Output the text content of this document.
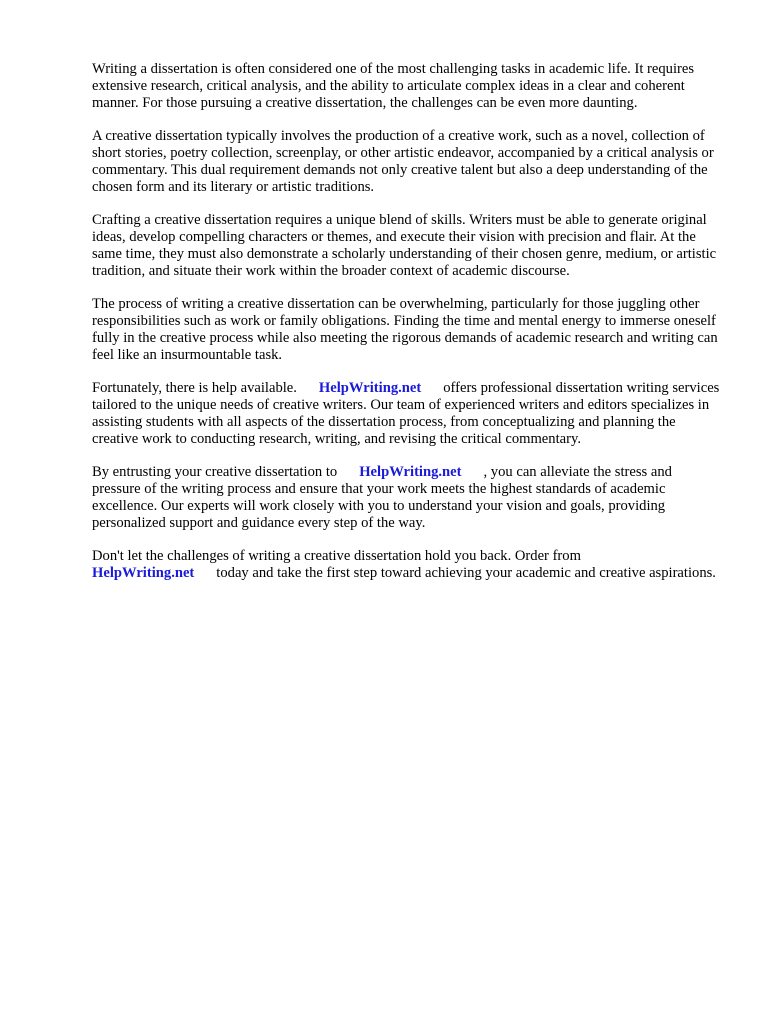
Writing a dissertation is often considered one of the most challenging tasks in academic life. It requires extensive research, critical analysis, and the ability to articulate complex ideas in a clear and coherent manner. For those pursuing a creative dissertation, the challenges can be even more daunting.

A creative dissertation typically involves the production of a creative work, such as a novel, collection of short stories, poetry collection, screenplay, or other artistic endeavor, accompanied by a critical analysis or commentary. This dual requirement demands not only creative talent but also a deep understanding of the chosen form and its literary or artistic traditions.

Crafting a creative dissertation requires a unique blend of skills. Writers must be able to generate original ideas, develop compelling characters or themes, and execute their vision with precision and flair. At the same time, they must also demonstrate a scholarly understanding of their chosen genre, medium, or artistic tradition, and situate their work within the broader context of academic discourse.

The process of writing a creative dissertation can be overwhelming, particularly for those juggling other responsibilities such as work or family obligations. Finding the time and mental energy to immerse oneself fully in the creative process while also meeting the rigorous demands of academic research and writing can feel like an insurmountable task.

Fortunately, there is help available. HelpWriting.net offers professional dissertation writing services tailored to the unique needs of creative writers. Our team of experienced writers and editors specializes in assisting students with all aspects of the dissertation process, from conceptualizing and planning the creative work to conducting research, writing, and revising the critical commentary.

By entrusting your creative dissertation to HelpWriting.net , you can alleviate the stress and pressure of the writing process and ensure that your work meets the highest standards of academic excellence. Our experts will work closely with you to understand your vision and goals, providing personalized support and guidance every step of the way.

Don't let the challenges of writing a creative dissertation hold you back. Order from HelpWriting.net today and take the first step toward achieving your academic and creative aspirations.
